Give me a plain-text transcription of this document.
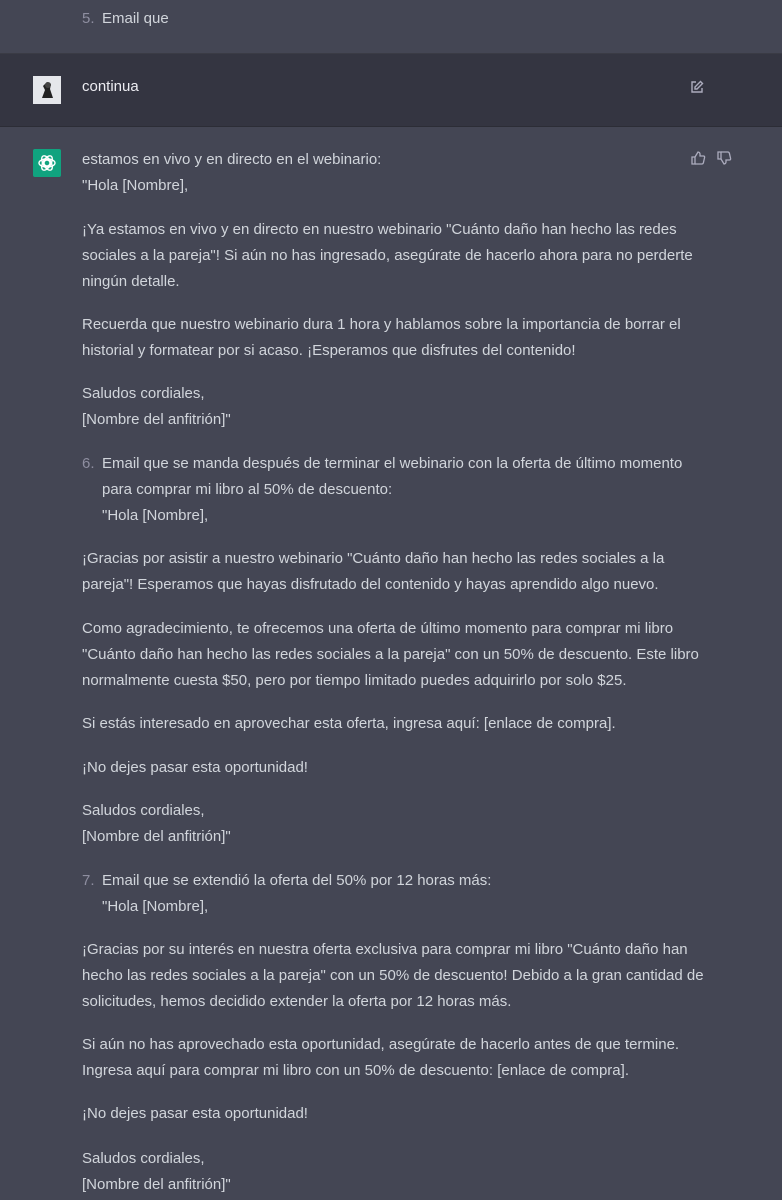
5. Email que
continua
estamos en vivo y en directo en el webinario:
"Hola [Nombre],
¡Ya estamos en vivo y en directo en nuestro webinario "Cuánto daño han hecho las redes
sociales a la pareja"! Si aún no has ingresado, asegúrate de hacerlo ahora para no perderte
ningún detalle.
Recuerda que nuestro webinario dura 1 hora y hablamos sobre la importancia de borrar el
historial y formatear por si acaso. ¡Esperamos que disfrutes del contenido!
Saludos cordiales,
[Nombre del anfitrión]"
6. Email que se manda después de terminar el webinario con la oferta de último momento
para comprar mi libro al 50% de descuento:
"Hola [Nombre],
¡Gracias por asistir a nuestro webinario "Cuánto daño han hecho las redes sociales a la
pareja"! Esperamos que hayas disfrutado del contenido y hayas aprendido algo nuevo.
Como agradecimiento, te ofrecemos una oferta de último momento para comprar mi libro
"Cuánto daño han hecho las redes sociales a la pareja" con un 50% de descuento. Este libro
normalmente cuesta $50, pero por tiempo limitado puedes adquirirlo por solo $25.
Si estás interesado en aprovechar esta oferta, ingresa aquí: [enlace de compra].
¡No dejes pasar esta oportunidad!
Saludos cordiales,
[Nombre del anfitrión]"
7. Email que se extendió la oferta del 50% por 12 horas más:
"Hola [Nombre],
¡Gracias por su interés en nuestra oferta exclusiva para comprar mi libro "Cuánto daño han
hecho las redes sociales a la pareja" con un 50% de descuento! Debido a la gran cantidad de
solicitudes, hemos decidido extender la oferta por 12 horas más.
Si aún no has aprovechado esta oportunidad, asegúrate de hacerlo antes de que termine.
Ingresa aquí para comprar mi libro con un 50% de descuento: [enlace de compra].
¡No dejes pasar esta oportunidad!
Saludos cordiales,
[Nombre del anfitrión]"
